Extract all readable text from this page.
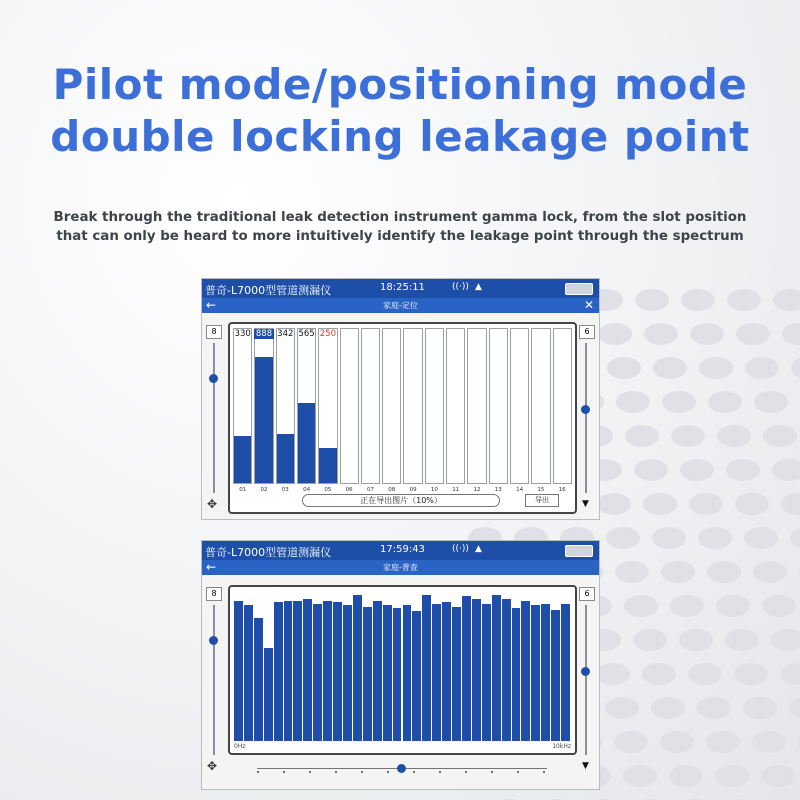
Pilot mode/positioning mode
double locking leakage point

Break through the traditional leak detection instrument gamma lock, from the slot position

that can only be heard to more intuitively identify the leakage point through the spectrum

普奇-L7000型管道测漏仪	18:25:11	((·)) ▲
←	家庭-定位	✕
8
✥
6
▼
01	02	03	04	05	06	07	08	09	10	11	12	13	14	15	16
330 888 342 565 250
正在导出图片（10%）	导出
普奇-L7000型管道测漏仪	17:59:43	((·)) ▲
←	家庭-普查
8
✥
6
▼
0Hz	10kHz
